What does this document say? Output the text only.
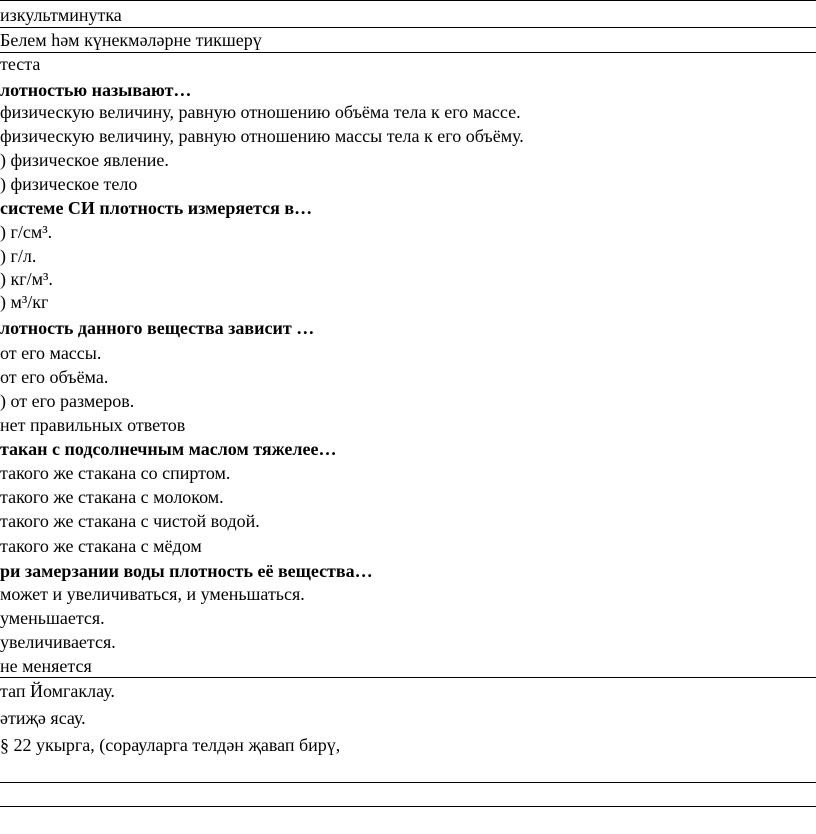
изкультминутка
Белем һәм күнекмәләрне тикшерү
теста
лотностью называют…
физическую величину, равную отношению объёма тела к его массе.
физическую величину, равную отношению массы тела к его объёму.
) физическое явление.
) физическое тело
системе СИ плотность измеряется в…
) г/см³.
) г/л.
) кг/м³.
) м³/кг
лотность данного вещества зависит …
от его массы.
от его объёма.
) от его размеров.
нет правильных ответов
такан с подсолнечным маслом тяжелее…
такого же стакана со спиртом.
такого же стакана с молоком.
такого же стакана с чистой водой.
такого же стакана с мёдом
ри замерзании воды плотность её вещества…
может и увеличиваться, и уменьшаться.
уменьшается.
увеличивается.
не меняется
тап Йомгаклау.
әтиҗә ясау.
§ 22 укырга, (сорауларга телдән җавап бирү,
